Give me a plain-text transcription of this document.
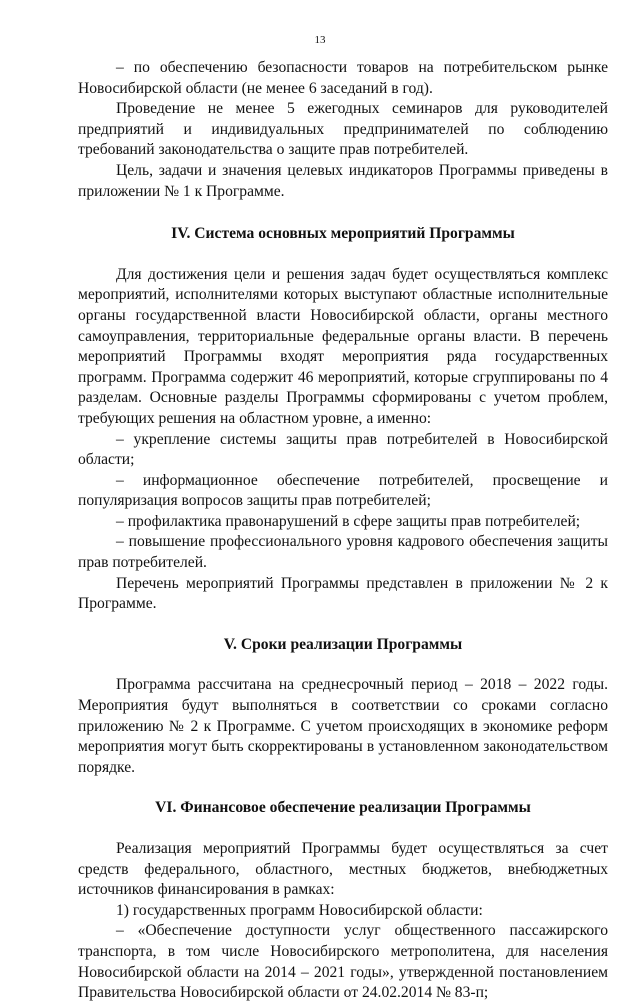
13

– по обеспечению безопасности товаров на потребительском рынке Новосибирской области (не менее 6 заседаний в год).

Проведение не менее 5 ежегодных семинаров для руководителей предприятий и индивидуальных предпринимателей по соблюдению требований законодательства о защите прав потребителей.

Цель, задачи и значения целевых индикаторов Программы приведены в приложении № 1 к Программе.

IV. Система основных мероприятий Программы

Для достижения цели и решения задач будет осуществляться комплекс мероприятий, исполнителями которых выступают областные исполнительные органы государственной власти Новосибирской области, органы местного самоуправления, территориальные федеральные органы власти. В перечень мероприятий Программы входят мероприятия ряда государственных программ. Программа содержит 46 мероприятий, которые сгруппированы по 4 разделам. Основные разделы Программы сформированы с учетом проблем, требующих решения на областном уровне, а именно:

– укрепление системы защиты прав потребителей в Новосибирской области;

– информационное обеспечение потребителей, просвещение и популяризация вопросов защиты прав потребителей;

– профилактика правонарушений в сфере защиты прав потребителей;

– повышение профессионального уровня кадрового обеспечения защиты прав потребителей.

Перечень мероприятий Программы представлен в приложении № 2 к Программе.

V. Сроки реализации Программы

Программа рассчитана на среднесрочный период – 2018 – 2022 годы. Мероприятия будут выполняться в соответствии со сроками согласно приложению № 2 к Программе. С учетом происходящих в экономике реформ мероприятия могут быть скорректированы в установленном законодательством порядке.

VI. Финансовое обеспечение реализации Программы

Реализация мероприятий Программы будет осуществляться за счет средств федерального, областного, местных бюджетов, внебюджетных источников финансирования в рамках:

1) государственных программ Новосибирской области:

– «Обеспечение доступности услуг общественного пассажирского транспорта, в том числе Новосибирского метрополитена, для населения Новосибирской области на 2014 – 2021 годы», утвержденной постановлением Правительства Новосибирской области от 24.02.2014 № 83-п;
